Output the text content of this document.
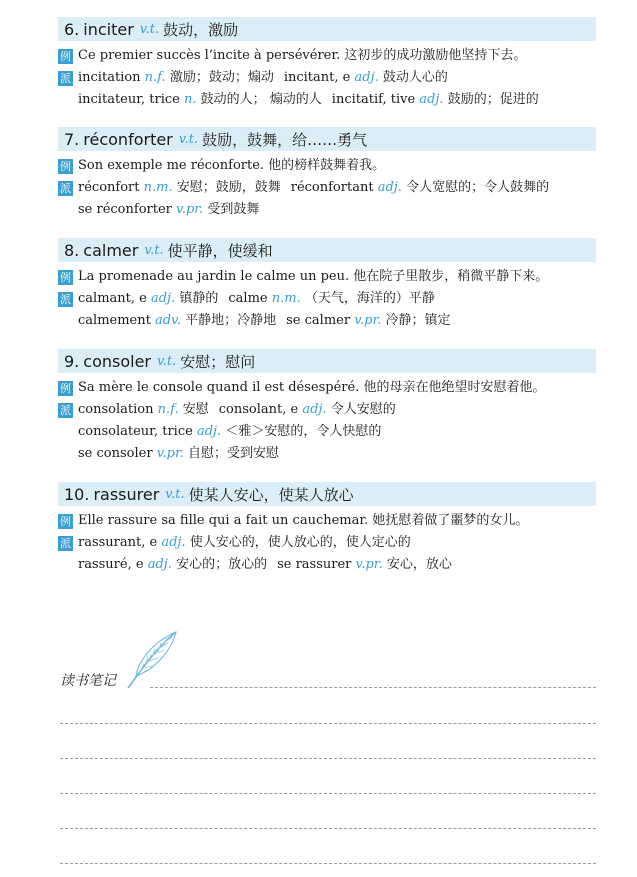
6. inciter v.t. 鼓动，激励
例 Ce premier succès l’incite à persévérer. 这初步的成功激励他坚持下去。
派 incitation n.f. 激励；鼓动；煽动 incitant, e adj. 鼓动人心的
incitateur, trice n. 鼓动的人； 煽动的人 incitatif, tive adj. 鼓励的；促进的
7. réconforter v.t. 鼓励，鼓舞，给……勇气
例 Son exemple me réconforte. 他的榜样鼓舞着我。
派 réconfort n.m. 安慰；鼓励，鼓舞 réconfortant adj. 令人宽慰的；令人鼓舞的
se réconforter v.pr. 受到鼓舞
8. calmer v.t. 使平静，使缓和
例 La promenade au jardin le calme un peu. 他在院子里散步，稍微平静下来。
派 calmant, e adj. 镇静的 calme n.m. （天气，海洋的）平静
calmement adv. 平静地；冷静地 se calmer v.pr. 冷静；镇定
9. consoler v.t. 安慰；慰问
例 Sa mère le console quand il est désespéré. 他的母亲在他绝望时安慰着他。
派 consolation n.f. 安慰 consolant, e adj. 令人安慰的
consolateur, trice adj. ＜雅＞安慰的，令人快慰的
se consoler v.pr. 自慰；受到安慰
10. rassurer v.t. 使某人安心，使某人放心
例 Elle rassure sa fille qui a fait un cauchemar. 她抚慰着做了噩梦的女儿。
派 rassurant, e adj. 使人安心的，使人放心的，使人定心的
rassuré, e adj. 安心的；放心的 se rassurer v.pr. 安心，放心
读书笔记
